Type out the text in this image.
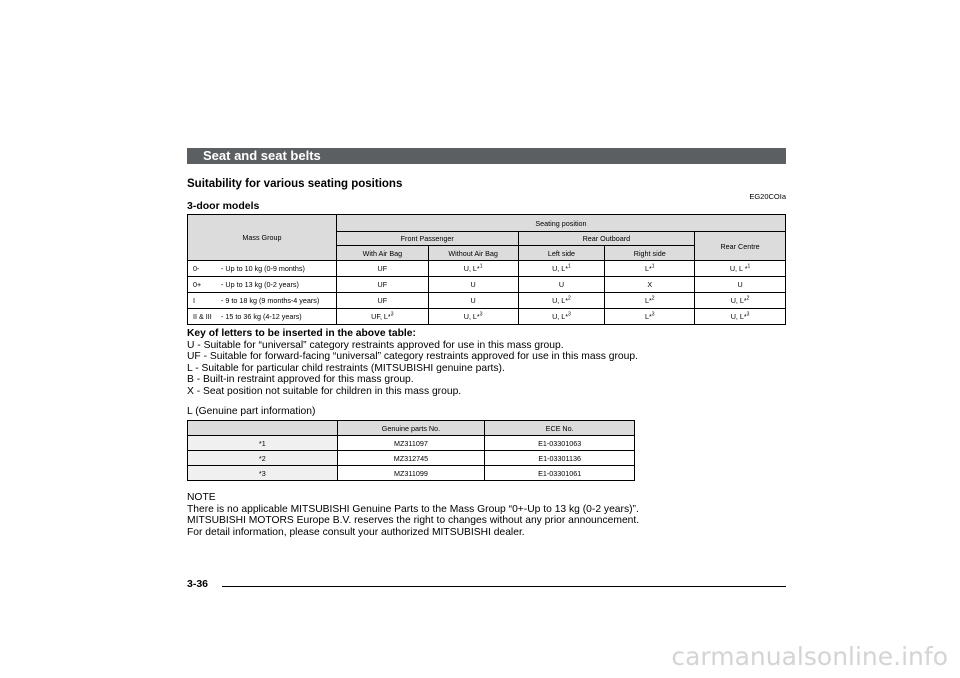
Seat and seat belts
Suitability for various seating positions
EG20COIa
3-door models
Mass Group	Seating position				
	Front Passenger		Rear Outboard		Rear Centre
	With Air Bag	Without Air Bag	Left side	Right side	
0- - Up to 10 kg (0-9 months)	UF	U, L*$^1$	U, L*$^1$	L*$^1$	U, L *$^1$
0+ - Up to 13 kg (0-2 years)	UF	U	U	X	U
I - 9 to 18 kg (9 months-4 years)	UF	U	U, L*$^2$	L*$^2$	U, L*$^2$
II & III - 15 to 36 kg (4-12 years)	UF, L*$^3$	U, L*$^3$	U, L*$^3$	L*$^3$	U, L*$^3$
Key of letters to be inserted in the above table:
U - Suitable for “universal” category restraints approved for use in this mass group.
UF - Suitable for forward-facing “universal” category restraints approved for use in this mass group.
L - Suitable for particular child restraints (MITSUBISHI genuine parts).
B - Built-in restraint approved for this mass group.
X - Seat position not suitable for children in this mass group.
L (Genuine part information)
	Genuine parts No.	ECE No.
*1	MZ311097	E1-03301063
*2	MZ312745	E1-03301136
*3	MZ311099	E1-03301061
NOTE
There is no applicable MITSUBISHI Genuine Parts to the Mass Group “0+-Up to 13 kg (0-2 years)”.
MITSUBISHI MOTORS Europe B.V. reserves the right to changes without any prior announcement.
For detail information, please consult your authorized MITSUBISHI dealer.
3-36
carmanualsonline.info
